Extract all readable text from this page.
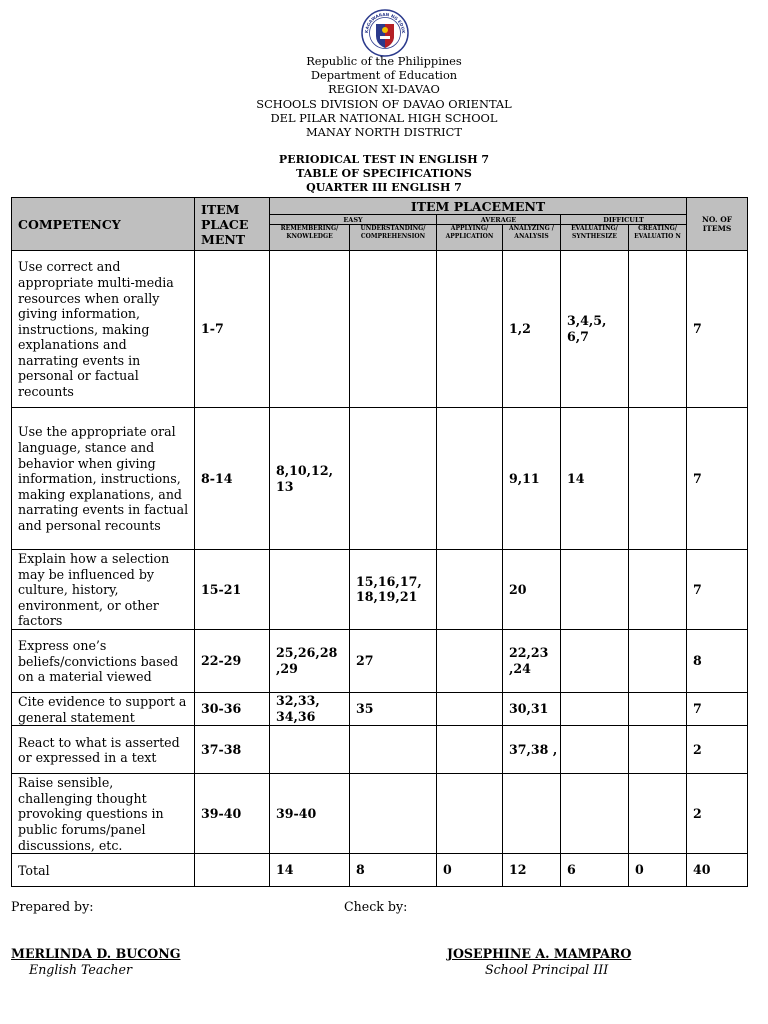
KAGAWARAN NG EDUK
Republic of the Philippines
Department of Education
REGION XI-DAVAO
SCHOOLS DIVISION OF DAVAO ORIENTAL
DEL PILAR NATIONAL HIGH SCHOOL
MANAY NORTH DISTRICT
PERIODICAL TEST IN ENGLISH 7
TABLE OF SPECIFICATIONS
QUARTER III ENGLISH 7
COMPETENCY	ITEM PLACE MENT	ITEM PLACEMENT						NO. OF ITEMS
		EASY		AVERAGE		DIFFICULT		
		REMEMBERING/ KNOWLEDGE	UNDERSTANDING/ COMPREHENSION	APPLYING/ APPLICATION	ANALYZING / ANALYSIS	EVALUATING/ SYNTHESIZE	CREATING/ EVALUATIO N	
Use correct and appropriate multi-media resources when orally giving information, instructions, making explanations and narrating events in personal or factual recounts	1-7				1,2	3,4,5, 6,7		7
Use the appropriate oral language, stance and behavior when giving information, instructions, making explanations, and narrating events in factual and personal recounts	8-14	8,10,12, 13			9,11	14		7
Explain how a selection may be influenced by culture, history, environment, or other factors	15-21		15,16,17, 18,19,21		20			7
Express one’s beliefs/convictions based on a material viewed	22-29	25,26,28 ,29	27		22,23 ,24			8
Cite evidence to support a general statement	30-36	32,33, 34,36	35		30,31			7
React to what is asserted or expressed in a text	37-38				37,38 ,			2
Raise sensible, challenging thought provoking questions in public forums/panel discussions, etc.	39-40	39-40						2
Total		14	8	0	12	6	0	40
Prepared by:	Check by:
MERLINDA D. BUCONG
English Teacher
JOSEPHINE A. MAMPARO
School Principal III
